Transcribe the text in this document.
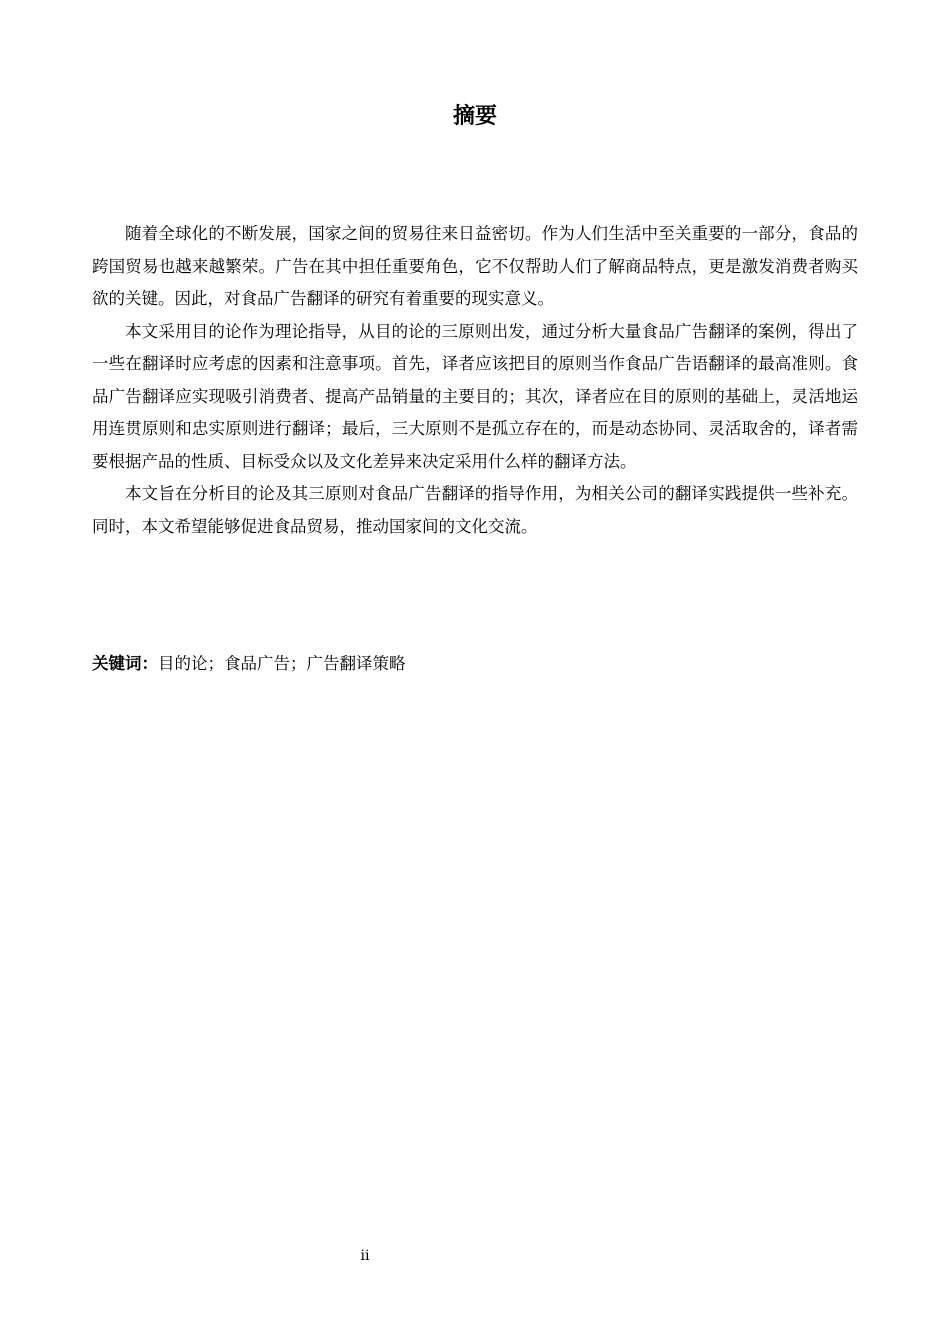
摘要

随着全球化的不断发展，国家之间的贸易往来日益密切。作为人们生活中至关重要的一部分，食品的跨国贸易也越来越繁荣。广告在其中担任重要角色，它不仅帮助人们了解商品特点，更是激发消费者购买欲的关键。因此，对食品广告翻译的研究有着重要的现实意义。

本文采用目的论作为理论指导，从目的论的三原则出发，通过分析大量食品广告翻译的案例，得出了一些在翻译时应考虑的因素和注意事项。首先，译者应该把目的原则当作食品广告语翻译的最高准则。食品广告翻译应实现吸引消费者、提高产品销量的主要目的；其次，译者应在目的原则的基础上，灵活地运用连贯原则和忠实原则进行翻译；最后，三大原则不是孤立存在的，而是动态协同、灵活取舍的，译者需要根据产品的性质、目标受众以及文化差异来决定采用什么样的翻译方法。

本文旨在分析目的论及其三原则对食品广告翻译的指导作用，为相关公司的翻译实践提供一些补充。同时，本文希望能够促进食品贸易，推动国家间的文化交流。

关键词：目的论；食品广告；广告翻译策略
ii
